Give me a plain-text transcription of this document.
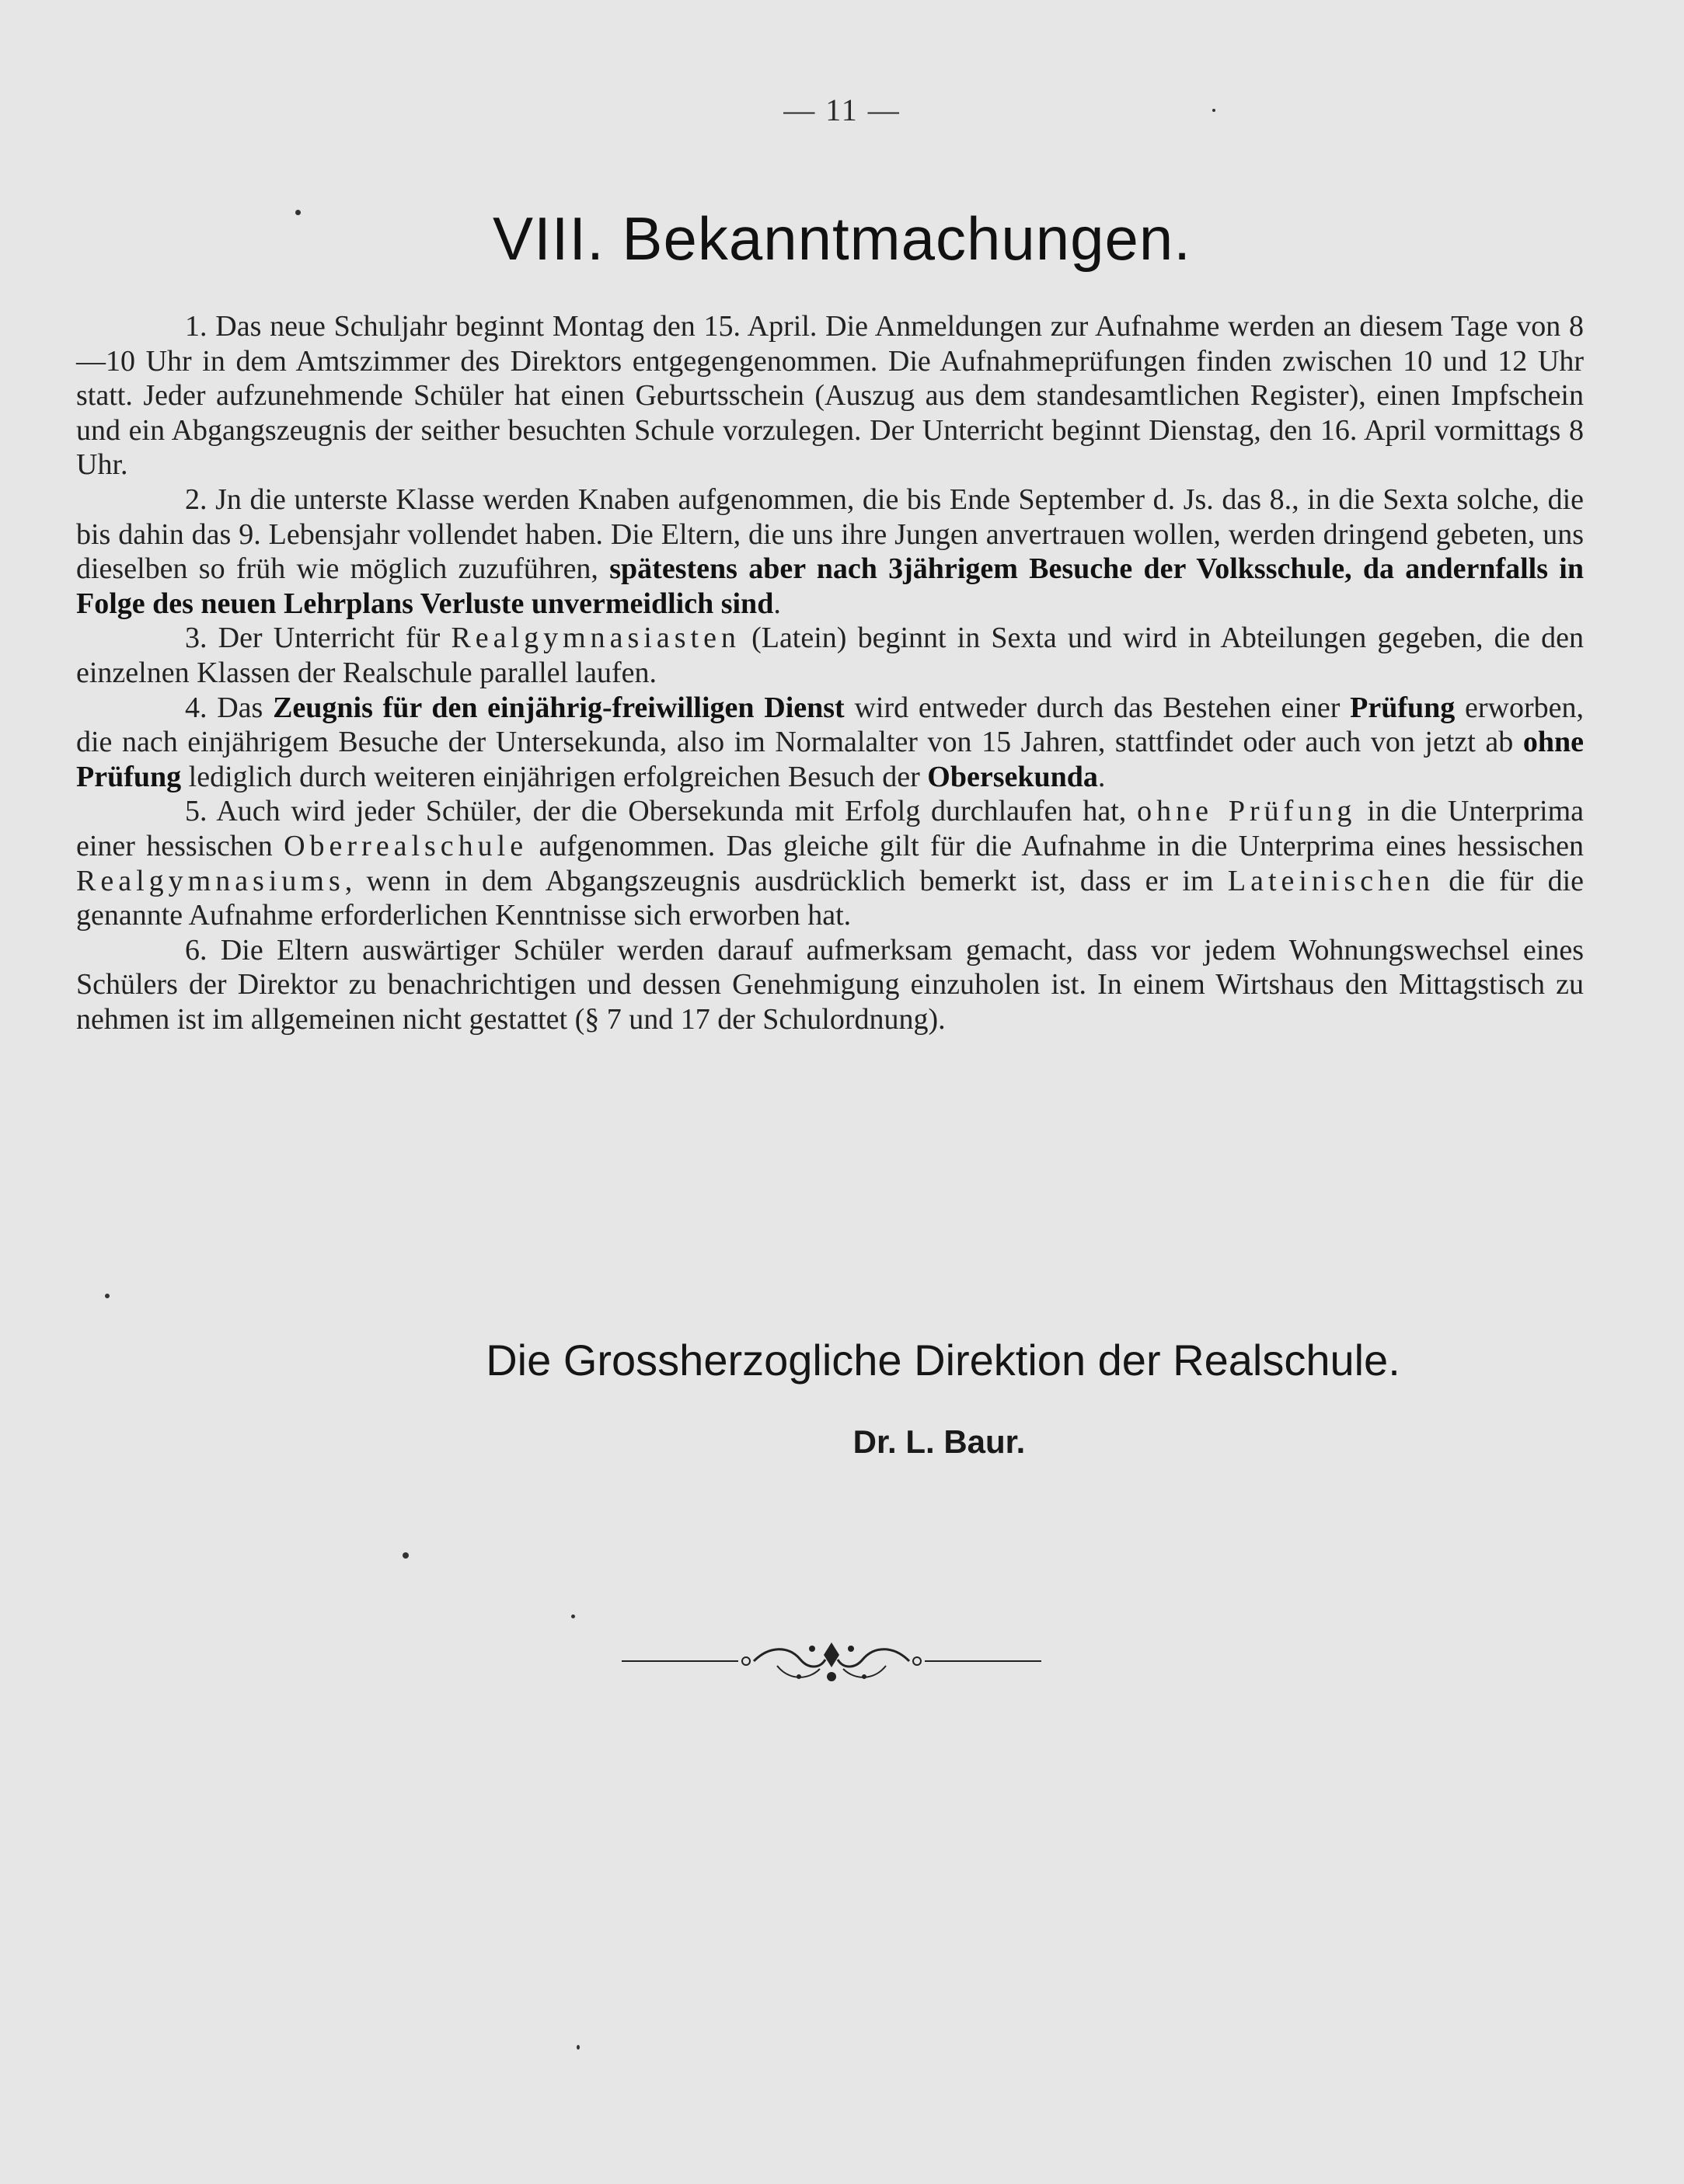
— 11 —
VIII. Bekanntmachungen.

1. Das neue Schuljahr beginnt Montag den 15. April. Die Anmeldungen zur Aufnahme werden an diesem Tage von 8—10 Uhr in dem Amtszimmer des Direktors entgegengenommen. Die Aufnahmeprüfungen finden zwischen 10 und 12 Uhr statt. Jeder aufzunehmende Schüler hat einen Geburtsschein (Auszug aus dem standesamtlichen Register), einen Impfschein und ein Abgangszeugnis der seither besuchten Schule vorzulegen. Der Unterricht beginnt Dienstag, den 16. April vormittags 8 Uhr.

2. Jn die unterste Klasse werden Knaben aufgenommen, die bis Ende September d. Js. das 8., in die Sexta solche, die bis dahin das 9. Lebensjahr vollendet haben. Die Eltern, die uns ihre Jungen anvertrauen wollen, werden dringend gebeten, uns dieselben so früh wie möglich zuzuführen, spätestens aber nach 3jährigem Besuche der Volksschule, da andernfalls in Folge des neuen Lehrplans Verluste unvermeidlich sind.

3. Der Unterricht für Realgymnasiasten (Latein) beginnt in Sexta und wird in Abteilungen gegeben, die den einzelnen Klassen der Realschule parallel laufen.

4. Das Zeugnis für den einjährig-freiwilligen Dienst wird entweder durch das Bestehen einer Prüfung erworben, die nach einjährigem Besuche der Untersekunda, also im Normalalter von 15 Jahren, stattfindet oder auch von jetzt ab ohne Prüfung lediglich durch weiteren einjährigen erfolgreichen Besuch der Obersekunda.

5. Auch wird jeder Schüler, der die Obersekunda mit Erfolg durchlaufen hat, ohne Prüfung in die Unterprima einer hessischen Oberrealschule aufgenommen. Das gleiche gilt für die Aufnahme in die Unterprima eines hessischen Realgymnasiums, wenn in dem Abgangszeugnis ausdrücklich bemerkt ist, dass er im Lateinischen die für die genannte Aufnahme erforderlichen Kenntnisse sich erworben hat.

6. Die Eltern auswärtiger Schüler werden darauf aufmerksam gemacht, dass vor jedem Wohnungswechsel eines Schülers der Direktor zu benachrichtigen und dessen Genehmigung einzuholen ist. In einem Wirtshaus den Mittagstisch zu nehmen ist im allgemeinen nicht gestattet (§ 7 und 17 der Schulordnung).

Die Grossherzogliche Direktion der Realschule.
Dr. L. Baur.
